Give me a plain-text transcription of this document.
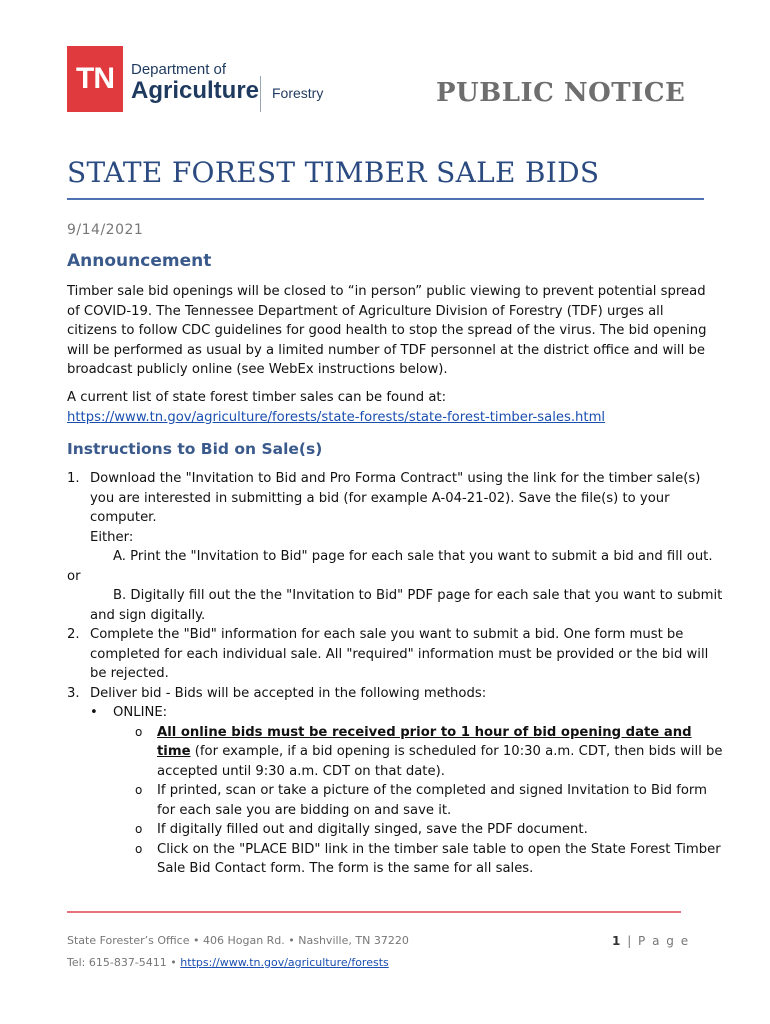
TN	Department of
Agriculture Forestry	PUBLIC NOTICE
STATE FOREST TIMBER SALE BIDS
9/14/2021
Announcement
Timber sale bid openings will be closed to “in person” public viewing to prevent potential spread of COVID-19. The Tennessee Department of Agriculture Division of Forestry (TDF) urges all citizens to follow CDC guidelines for good health to stop the spread of the virus. The bid opening will be performed as usual by a limited number of TDF personnel at the district office and will be broadcast publicly online (see WebEx instructions below).
A current list of state forest timber sales can be found at:
https://www.tn.gov/agriculture/forests/state-forests/state-forest-timber-sales.html
Instructions to Bid on Sale(s)
1. Download the "Invitation to Bid and Pro Forma Contract" using the link for the timber sale(s) you are interested in submitting a bid (for example A-04-21-02). Save the file(s) to your computer.
Either:
A. Print the "Invitation to Bid" page for each sale that you want to submit a bid and fill out.
or
B. Digitally fill out the the "Invitation to Bid" PDF page for each sale that you want to submit and sign digitally.
2. Complete the "Bid" information for each sale you want to submit a bid. One form must be completed for each individual sale. All "required" information must be provided or the bid will be rejected.
3. Deliver bid - Bids will be accepted in the following methods:
• ONLINE:
o All online bids must be received prior to 1 hour of bid opening date and time (for example, if a bid opening is scheduled for 10:30 a.m. CDT, then bids will be accepted until 9:30 a.m. CDT on that date).
o If printed, scan or take a picture of the completed and signed Invitation to Bid form for each sale you are bidding on and save it.
o If digitally filled out and digitally singed, save the PDF document.
o Click on the "PLACE BID" link in the timber sale table to open the State Forest Timber Sale Bid Contact form. The form is the same for all sales.
State Forester’s Office • 406 Hogan Rd. • Nashville, TN 37220	1 | P a g e
Tel: 615-837-5411 • https://www.tn.gov/agriculture/forests
